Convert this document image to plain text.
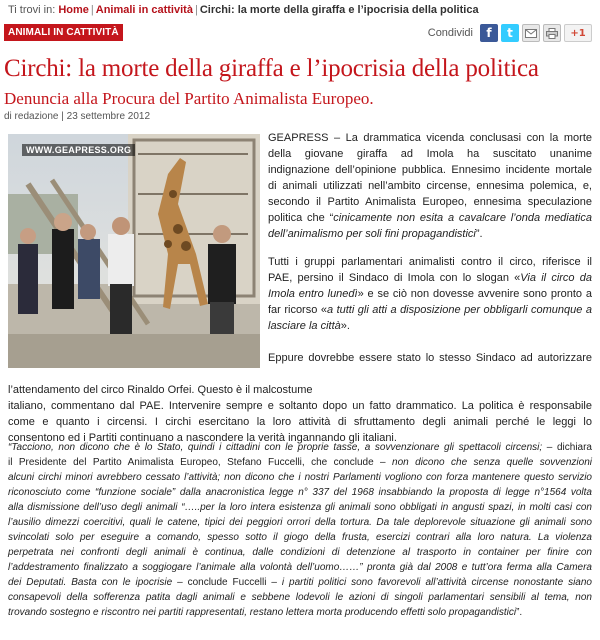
Ti trovi in: Home | Animali in cattività | Circhi: la morte della giraffa e l’ipocrisia della politica
ANIMALI IN CATTIVITÀ	Condividi f t	+1
Circhi: la morte della giraffa e l’ipocrisia della politica
Denuncia alla Procura del Partito Animalista Europeo.
di redazione | 23 settembre 2012
WWW.GEAPRESS.ORG
GEAPRESS – La drammatica vicenda conclusasi con la morte
della giovane giraffa ad Imola ha suscitato unanime
indignazione dell’opinione pubblica. Ennesimo incidente mortale
di animali utilizzati nell’ambito circense, ennesima polemica, e,
secondo il Partito Animalista Europeo, ennesima speculazione
politica che “cinicamente non esita a cavalcare l’onda mediatica
dell’animalismo per soli fini propagandistici”.
Tutti i gruppi parlamentari animalisti contro il circo, riferisce il
PAE, persino il Sindaco di Imola con lo slogan «Via il circo da
Imola entro lunedì» e se ciò non dovesse avvenire sono pronto a
far ricorso «a tutti gli atti a disposizione per obbligarli comunque a
lasciare la città».
Eppure dovrebbe essere stato lo stesso Sindaco ad autorizzare
l’attendamento del circo Rinaldo Orfei. Questo è il malcostume
italiano, commentano dal PAE. Intervenire sempre e soltanto dopo un fatto drammatico. La politica è responsabile
come e quanto i circensi. I circhi esercitano la loro attività di sfruttamento degli animali perché le leggi lo
consentono ed i Partiti continuano a nascondere la verità ingannando gli italiani.
“Tacciono, non dicono che è lo Stato, quindi i cittadini con le proprie tasse, a sovvenzionare gli spettacoli circensi; – dichiara
il Presidente del Partito Animalista Europeo, Stefano Fuccelli, che conclude – non dicono che senza quelle sovvenzioni
alcuni circhi minori avrebbero cessato l’attività; non dicono che i nostri Parlamenti vogliono con forza mantenere questo servizio
riconosciuto come “funzione sociale” dalla anacronistica legge n° 337 del 1968 insabbiando la proposta di legge n°1564 volta
alla dismissione dell’uso degli animali “…..per la loro intera esistenza gli animali sono obbligati in angusti spazi, in molti casi con
l’ausilio dimezzi coercitivi, quali le catene, tipici dei peggiori orrori della tortura. Da tale deplorevole situazione gli animali sono
svincolati solo per eseguire a comando, spesso sotto il giogo della frusta, esercizi contrari alla loro natura. La violenza
perpetrata nei confronti degli animali è continua, dalle condizioni di detenzione al trasporto in container per finire con
l’addestramento finalizzato a soggiogare l’animale alla volontà dell’uomo……” pronta già dal 2008 e tutt’ora ferma alla Camera
dei Deputati. Basta con le ipocrisie – conclude Fuccelli – i partiti politici sono favorevoli all’attività circense nonostante siano
consapevoli della sofferenza patita dagli animali e sebbene lodevoli le azioni di singoli parlamentari sensibili al tema, non
trovando sostegno e riscontro nei partiti rappresentati, restano lettera morta producendo effetti solo propagandistici”.
